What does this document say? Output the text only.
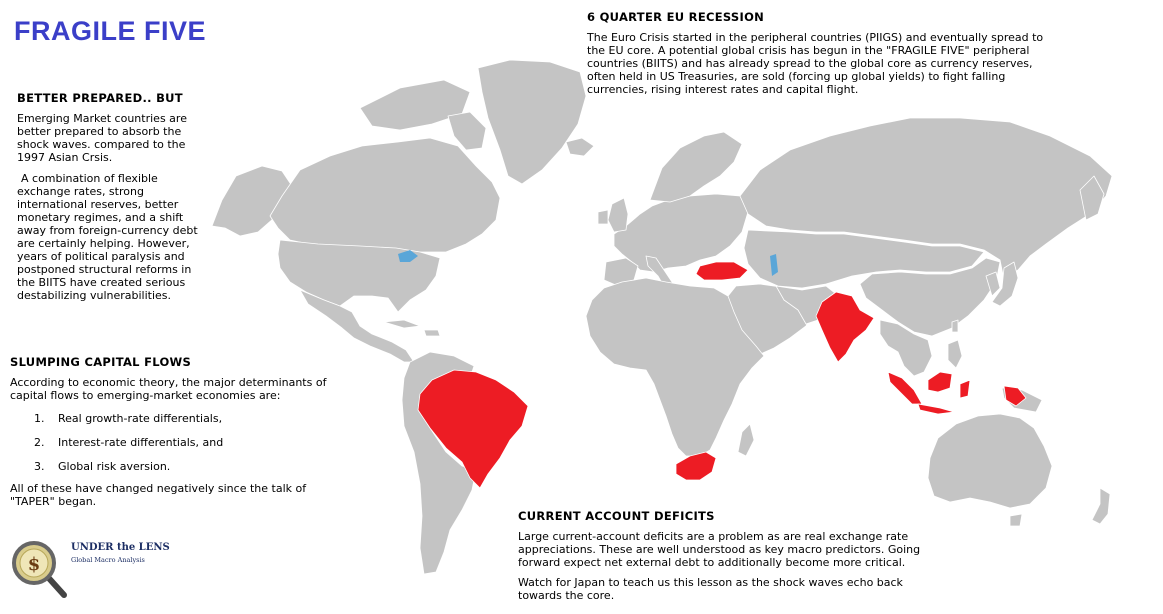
FRAGILE FIVE
BETTER PREPARED.. BUT
Emerging Market countries are better prepared to absorb the shock waves. compared to the 1997 Asian Crsis.
A combination of flexible exchange rates, strong international reserves, better monetary regimes, and a shift away from foreign-currency debt are certainly helping. However, years of political paralysis and postponed structural reforms in the BIITS have created serious destabilizing vulnerabilities.
SLUMPING CAPITAL FLOWS
According to economic theory, the major determinants of capital flows to emerging-market economies are:
1. Real growth-rate differentials,
2. Interest-rate differentials, and
3. Global risk aversion.
All of these have changed negatively since the talk of "TAPER" began.
6 QUARTER EU RECESSION
The Euro Crisis started in the peripheral countries (PIIGS) and eventually spread to the EU core. A potential global crisis has begun in the "FRAGILE FIVE" peripheral countries (BIITS) and has already spread to the global core as currency reserves, often held in US Treasuries, are sold (forcing up global yields) to fight falling currencies, rising interest rates and capital flight.
CURRENT ACCOUNT DEFICITS
Large current-account deficits are a problem as are real exchange rate appreciations. These are well understood as key macro predictors. Going forward expect net external debt to additionally become more critical.
Watch for Japan to teach us this lesson as the shock waves echo back towards the core.
$
UNDER the LENS
Global Macro Analysis
